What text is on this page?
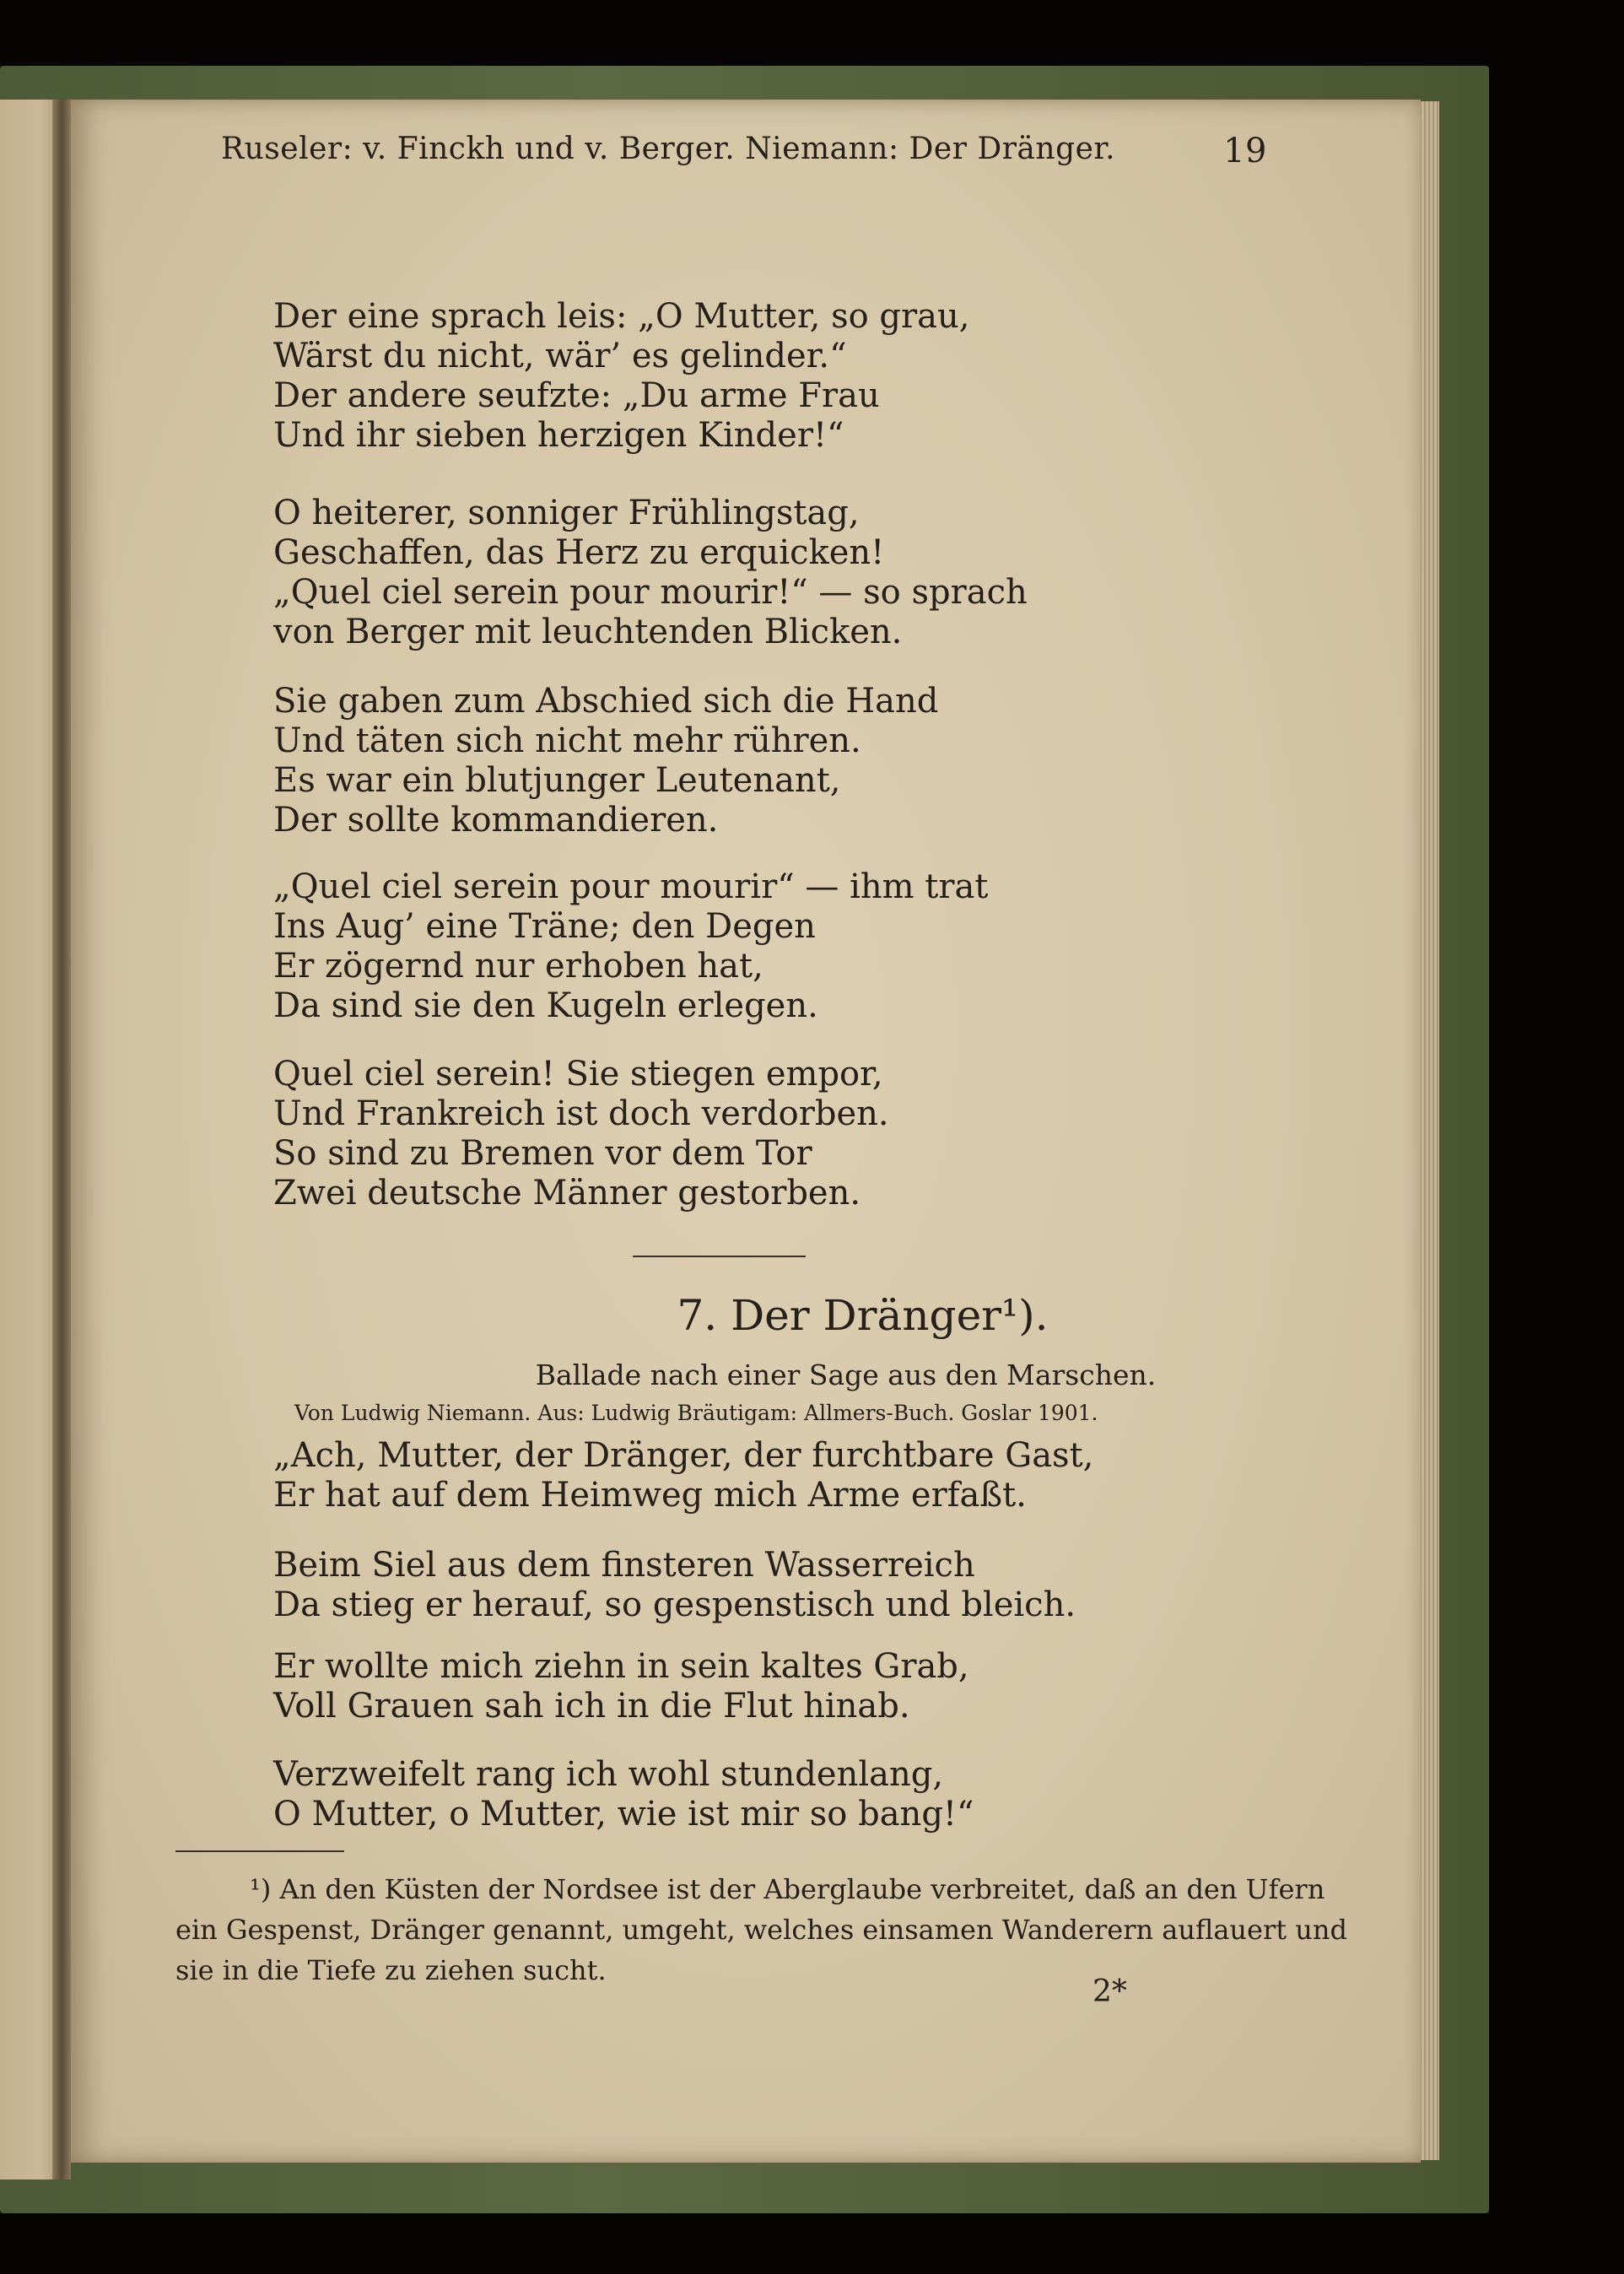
Ruseler: v. Finckh und v. Berger. Niemann: Der Dränger.	19
Der eine sprach leis: „O Mutter, so grau,
Wärst du nicht, wär’ es gelinder.“
Der andere seufzte: „Du arme Frau
Und ihr sieben herzigen Kinder!“
O heiterer, sonniger Frühlingstag,
Geschaffen, das Herz zu erquicken!
„Quel ciel serein pour mourir!“ — so sprach
von Berger mit leuchtenden Blicken.
Sie gaben zum Abschied sich die Hand
Und täten sich nicht mehr rühren.
Es war ein blutjunger Leutenant,
Der sollte kommandieren.
„Quel ciel serein pour mourir“ — ihm trat
Ins Aug’ eine Träne; den Degen
Er zögernd nur erhoben hat,
Da sind sie den Kugeln erlegen.
Quel ciel serein! Sie stiegen empor,
Und Frankreich ist doch verdorben.
So sind zu Bremen vor dem Tor
Zwei deutsche Männer gestorben.
7. Der Dränger¹).
Ballade nach einer Sage aus den Marschen.
Von Ludwig Niemann. Aus: Ludwig Bräutigam: Allmers-Buch. Goslar 1901.
„Ach, Mutter, der Dränger, der furchtbare Gast,
Er hat auf dem Heimweg mich Arme erfaßt.
Beim Siel aus dem finsteren Wasserreich
Da stieg er herauf, so gespenstisch und bleich.
Er wollte mich ziehn in sein kaltes Grab,
Voll Grauen sah ich in die Flut hinab.
Verzweifelt rang ich wohl stundenlang,
O Mutter, o Mutter, wie ist mir so bang!“
¹) An den Küsten der Nordsee ist der Aberglaube verbreitet, daß an den Ufern
ein Gespenst, Dränger genannt, umgeht, welches einsamen Wanderern auflauert und
sie in die Tiefe zu ziehen sucht.
2*
